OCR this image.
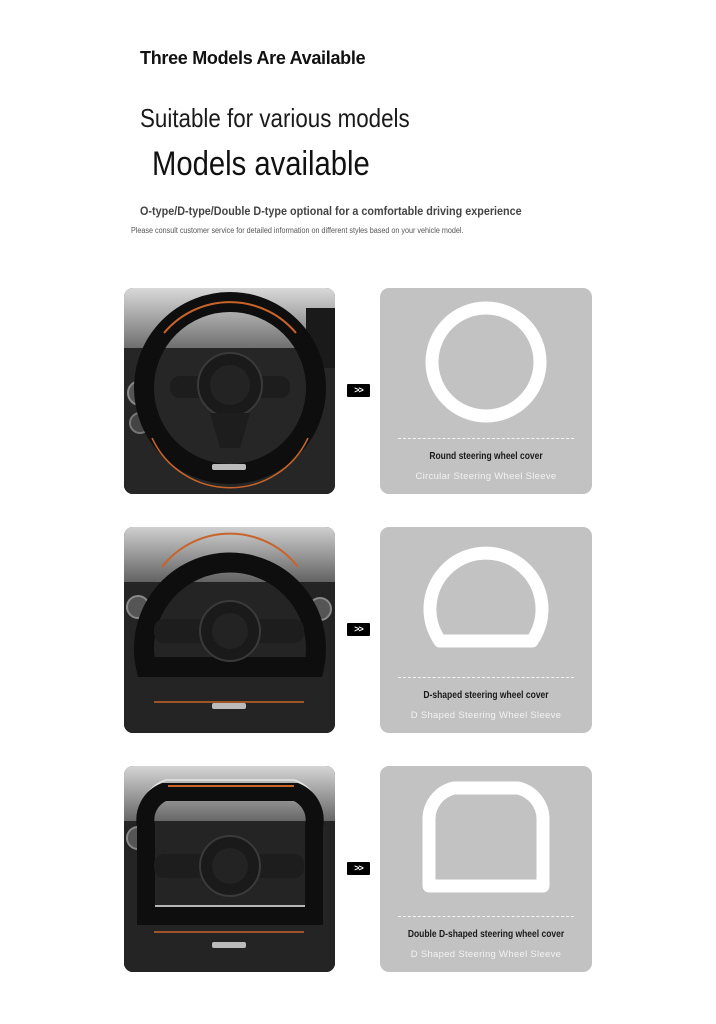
Three Models Are Available
Suitable for various models
Models available
O-type/D-type/Double D-type optional for a comfortable driving experience
Please consult customer service for detailed information on different styles based on your vehicle model.
>>
Round steering wheel cover
Circular Steering Wheel Sleeve
>>
D-shaped steering wheel cover
D Shaped Steering Wheel Sleeve
>>
Double D-shaped steering wheel cover
D Shaped Steering Wheel Sleeve
